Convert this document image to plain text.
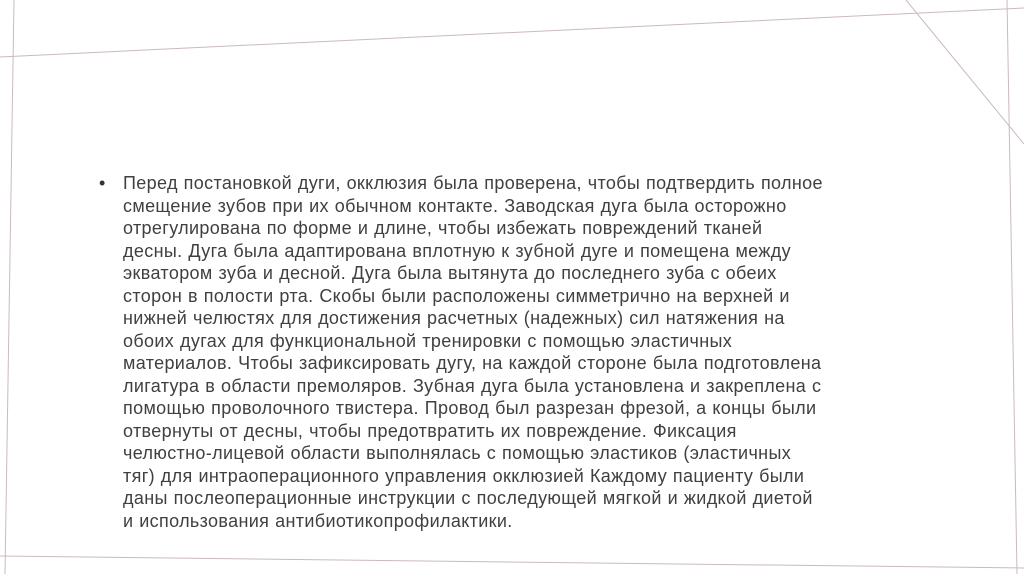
• Перед постановкой дуги, окклюзия была проверена, чтобы подтвердить полное
смещение зубов при их обычном контакте. Заводская дуга была осторожно
отрегулирована по форме и длине, чтобы избежать повреждений тканей
десны. Дуга была адаптирована вплотную к зубной дуге и помещена между
экватором зуба и десной. Дуга была вытянута до последнего зуба с обеих
сторон в полости рта. Скобы были расположены симметрично на верхней и
нижней челюстях для достижения расчетных (надежных) сил натяжения на
обоих дугах для функциональной тренировки с помощью эластичных
материалов. Чтобы зафиксировать дугу, на каждой стороне была подготовлена
лигатура в области премоляров. Зубная дуга была установлена и закреплена с
помощью проволочного твистера. Провод был разрезан фрезой, а концы были
отвернуты от десны, чтобы предотвратить их повреждение. Фиксация
челюстно-лицевой области выполнялась с помощью эластиков (эластичных
тяг) для интраоперационного управления окклюзией Каждому пациенту были
даны послеоперационные инструкции с последующей мягкой и жидкой диетой
и использования антибиотикопрофилактики.
